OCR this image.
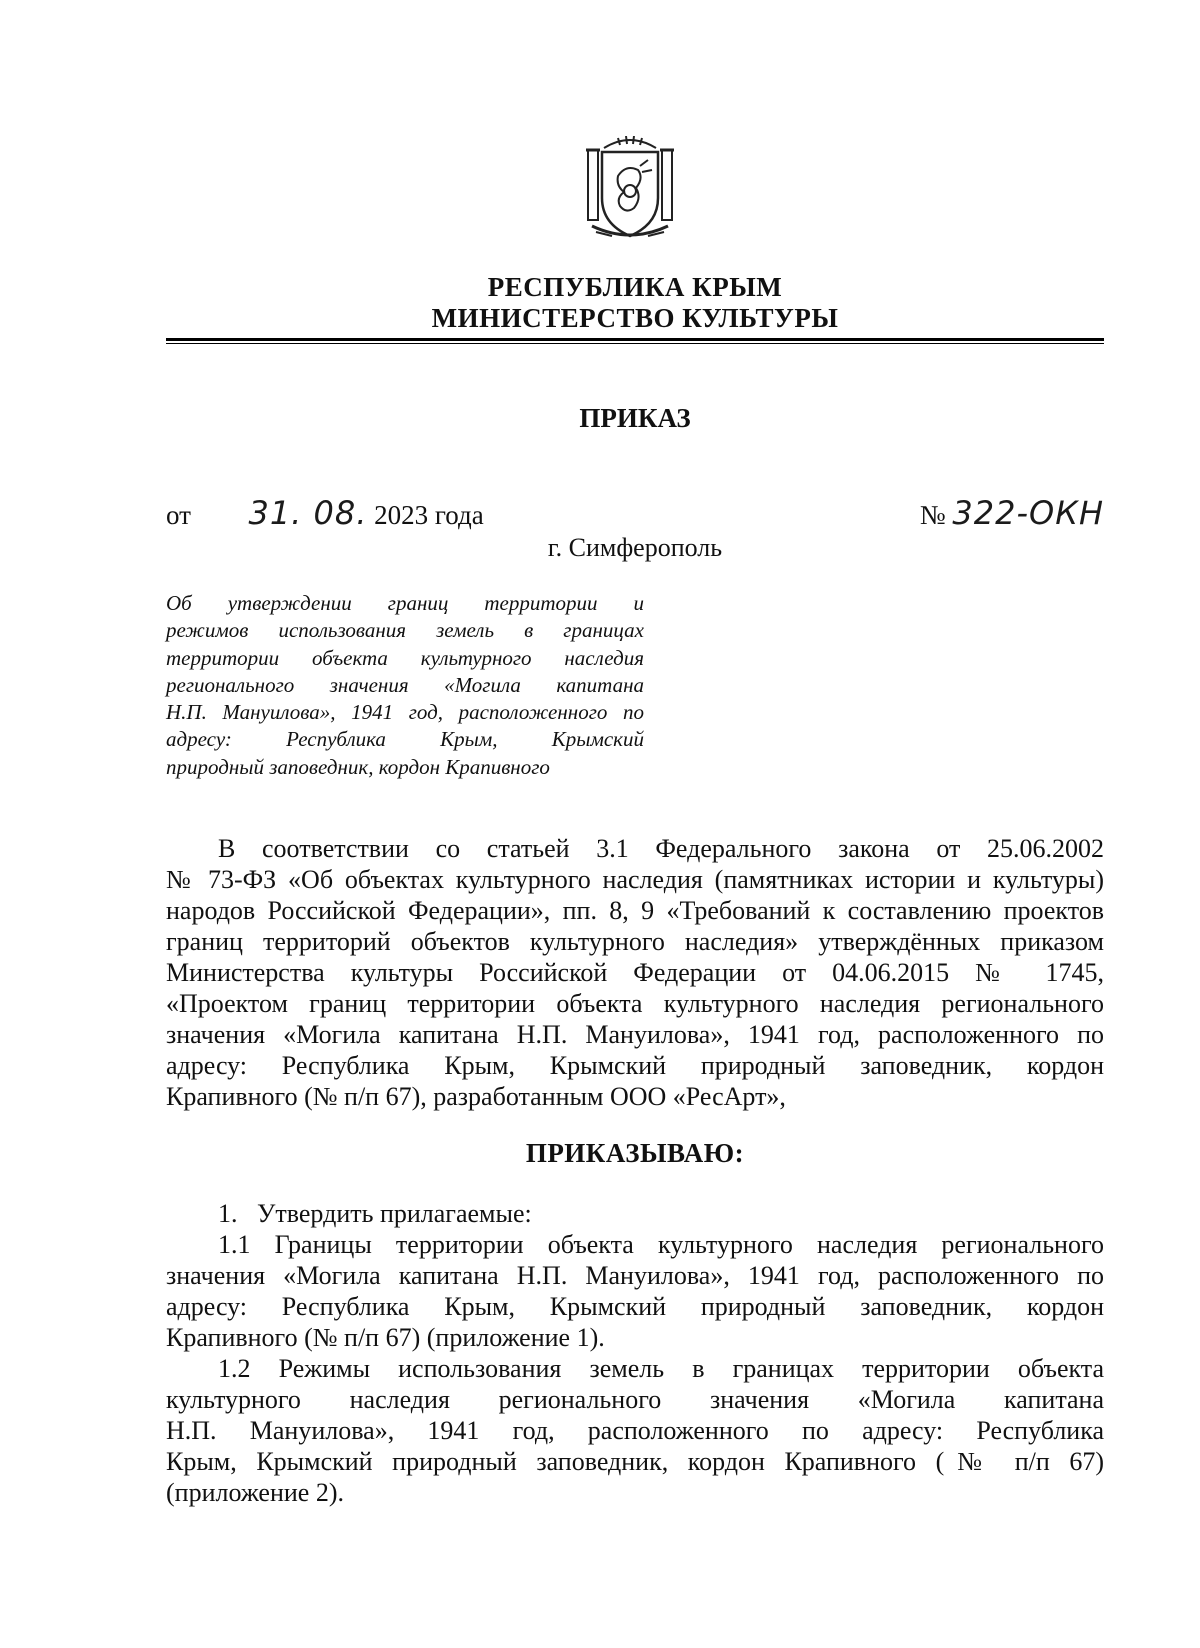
РЕСПУБЛИКА КРЫМ
МИНИСТЕРСТВО КУЛЬТУРЫ
ПРИКАЗ
от 31. 08. 2023 года	№ 322-ОКН
г. Симферополь
Об утверждении границ территории и
режимов использования земель в границах
территории объекта культурного наследия
регионального значения «Могила капитана
Н.П. Мануилова», 1941 год, расположенного по
адресу: Республика Крым, Крымский
природный заповедник, кордон Крапивного
В соответствии со статьей 3.1 Федерального закона от 25.06.2002
№ 73-ФЗ «Об объектах культурного наследия (памятниках истории и культуры)
народов Российской Федерации», пп. 8, 9 «Требований к составлению проектов
границ территорий объектов культурного наследия» утверждённых приказом
Министерства культуры Российской Федерации от 04.06.2015 № 1745,
«Проектом границ территории объекта культурного наследия регионального
значения «Могила капитана Н.П. Мануилова», 1941 год, расположенного по
адресу: Республика Крым, Крымский природный заповедник, кордон
Крапивного (№ п/п 67), разработанным ООО «РесАрт»,
ПРИКАЗЫВАЮ:
1.   Утвердить прилагаемые:
1.1 Границы территории объекта культурного наследия регионального
значения «Могила капитана Н.П. Мануилова», 1941 год, расположенного по
адресу: Республика Крым, Крымский природный заповедник, кордон
Крапивного (№ п/п 67) (приложение 1).
1.2 Режимы использования земель в границах территории объекта
культурного наследия регионального значения «Могила капитана
Н.П. Мануилова», 1941 год, расположенного по адресу: Республика
Крым, Крымский природный заповедник, кордон Крапивного (№ п/п 67)
(приложение 2).
